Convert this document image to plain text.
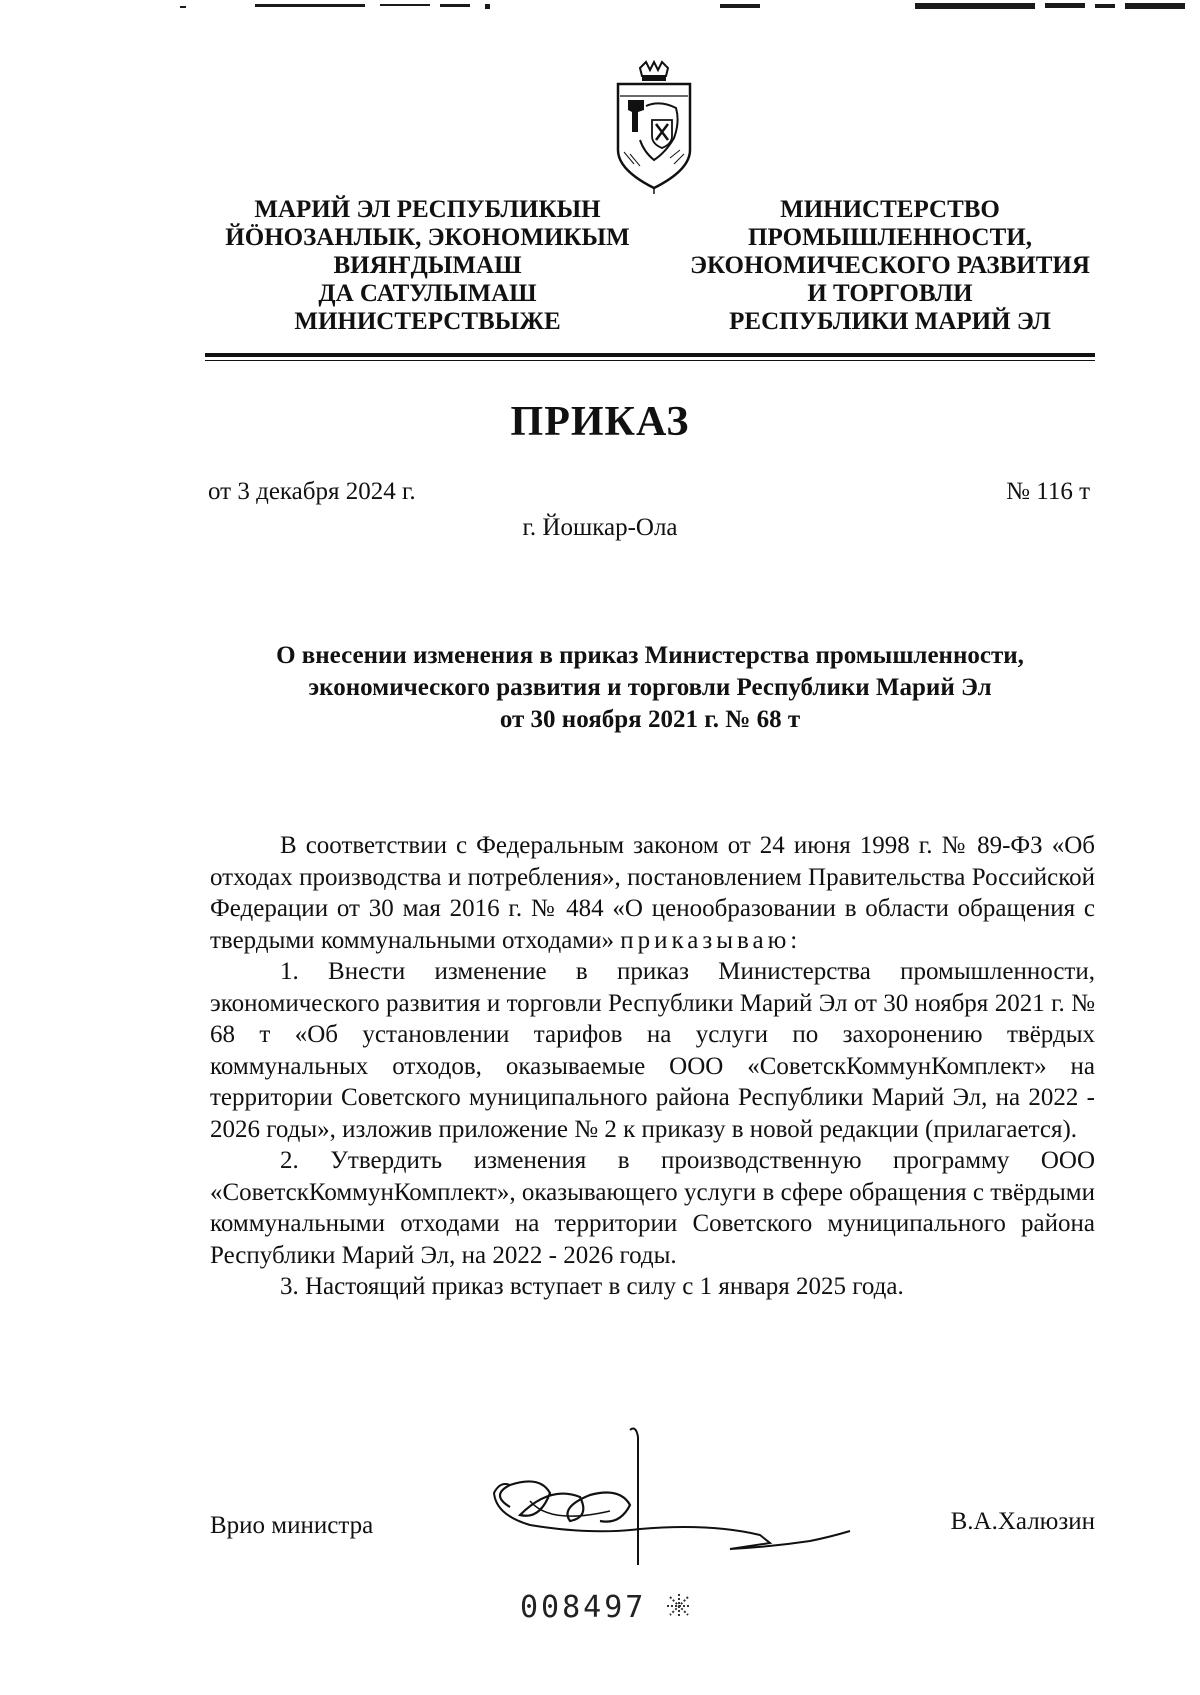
МАРИЙ ЭЛ РЕСПУБЛИКЫН
ЙӦНОЗАНЛЫК, ЭКОНОМИКЫМ
ВИЯҤДЫМАШ
ДА САТУЛЫМАШ
МИНИСТЕРСТВЫЖЕ
МИНИСТЕРСТВО
ПРОМЫШЛЕННОСТИ,
ЭКОНОМИЧЕСКОГО РАЗВИТИЯ
И ТОРГОВЛИ
РЕСПУБЛИКИ МАРИЙ ЭЛ
ПРИКАЗ
от 3 декабря 2024 г.	№ 116 т
г. Йошкар-Ола
О внесении изменения в приказ Министерства промышленности,
экономического развития и торговли Республики Марий Эл
от 30 ноября 2021 г. № 68 т

В соответствии с Федеральным законом от 24 июня 1998 г. № 89-ФЗ «Об отходах производства и потребления», постановлением Правительства Российской Федерации от 30 мая 2016 г. № 484 «О ценообразовании в области обращения с твердыми коммунальными отходами» приказываю:

1. Внести изменение в приказ Министерства промышленности, экономического развития и торговли Республики Марий Эл от 30 ноября 2021 г. № 68 т «Об установлении тарифов на услуги по захоронению твёрдых коммунальных отходов, оказываемые ООО «СоветскКоммунКомплект» на территории Советского муниципального района Республики Марий Эл, на 2022 - 2026 годы», изложив приложение № 2 к приказу в новой редакции (прилагается).

2. Утвердить изменения в производственную программу ООО «СоветскКоммунКомплект», оказывающего услуги в сфере обращения с твёрдыми коммунальными отходами на территории Советского муниципального района Республики Марий Эл, на 2022 - 2026 годы.

3. Настоящий приказ вступает в силу с 1 января 2025 года.

Врио министра	В.А.Халюзин
008497
